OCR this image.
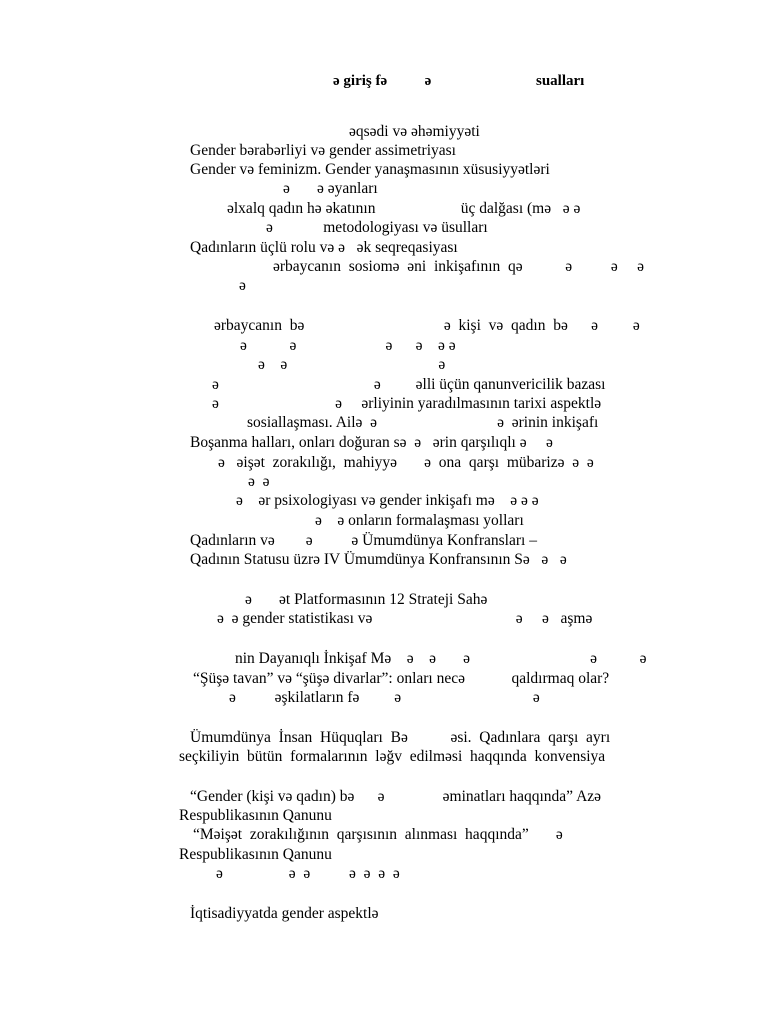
ə giriş fə          ə	sualları
əqsədi və əhəmiyyəti
Gender bərabərliyi və gender assimetriyası
Gender və feminizm. Gender yanaşmasının xüsusiyyətləri
ə       ə əyanları
əlxalq qadın hə əkatının                      üç dalğası (mə   ə ə
ə             metodologiyası və üsulları
Qadınların üçlü rolu və ə   ək seqreqasiyası
ərbaycanın  sosiomə  əni  inkişafının  qə           ə          ə     ə
ə
ərbaycanın  bə                                    ə  kişi  və  qadın  bə      ə         ə
ə           ə                       ə      ə    ə ə
ə    ə                                       ə
ə                                        ə         əlli üçün qanunvericilik bazası
ə                              ə     ərliyinin yaradılmasının tarixi aspektlə
sosiallaşması. Ailə  ə                               ə  ərinin inkişafı
Boşanma halları, onları doğuran sə  ə   ərin qarşılıqlı ə     ə
ə   əişət  zorakılığı,  mahiyyə       ə  ona  qarşı  mübarizə  ə  ə
ə  ə
ə    ər psixologiyası və gender inkişafı mə    ə ə ə
ə    ə onların formalaşması yolları
Qadınların və        ə          ə Ümumdünya Konfransları –
Qadının Statusu üzrə IV Ümumdünya Konfransının Sə   ə   ə
ə       ət Platformasının 12 Strateji Sahə
ə  ə gender statistikası və                                     ə     ə   aşmə
nin Dayanıqlı İnkişaf Mə    ə    ə       ə                               ə           ə
“Şüşə tavan” və “şüşə divarlar”: onları necə            qaldırmaq olar?
ə          əşkilatların fə         ə                                  ə
Ümumdünya  İnsan  Hüquqları  Bə           əsi.  Qadınlara  qarşı  ayrı
seçkiliyin  bütün  formalarının  ləğv  edilməsi  haqqında  konvensiya
“Gender (kişi və qadın) bə      ə               əminatları haqqında” Azə
Respublikasının Qanunu
“Məişət  zorakılığının  qarşısının  alınması  haqqında”       ə
Respublikasının Qanunu
ə                 ə  ə          ə  ə  ə  ə
İqtisadiyyatda gender aspektlə
